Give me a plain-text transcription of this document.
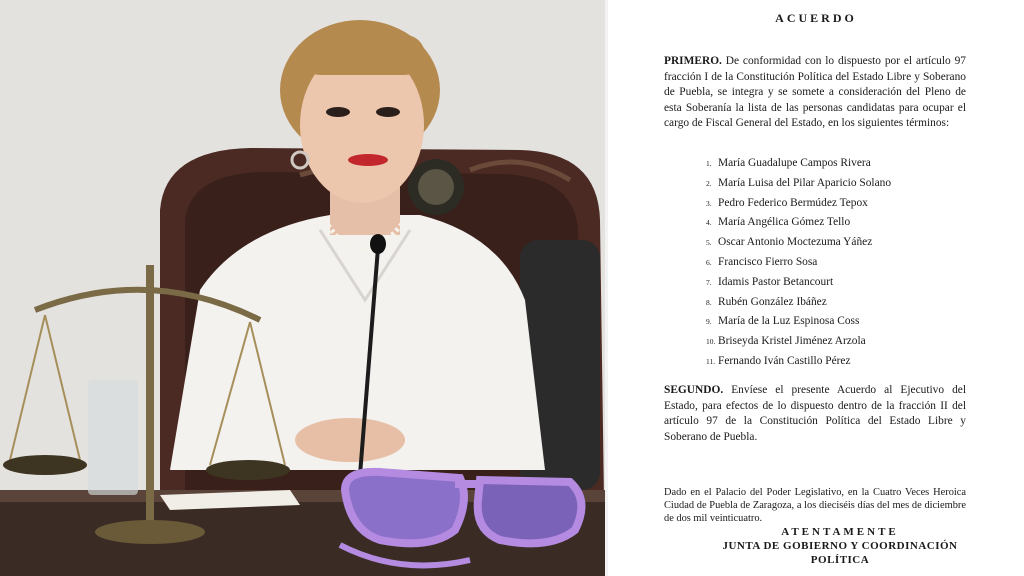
ACUERDO
PRIMERO. De conformidad con lo dispuesto por el artículo 97 fracción I de la Constitución Política del Estado Libre y Soberano de Puebla, se integra y se somete a consideración del Pleno de esta Soberanía la lista de las personas candidatas para ocupar el cargo de Fiscal General del Estado, en los siguientes términos:
1. María Guadalupe Campos Rivera
2. María Luisa del Pilar Aparicio Solano
3. Pedro Federico Bermúdez Tepox
4. María Angélica Gómez Tello
5. Oscar Antonio Moctezuma Yáñez
6. Francisco Fierro Sosa
7. Idamis Pastor Betancourt
8. Rubén González Ibáñez
9. María de la Luz Espinosa Coss
10. Briseyda Kristel Jiménez Arzola
11. Fernando Iván Castillo Pérez
SEGUNDO. Envíese el presente Acuerdo al Ejecutivo del Estado, para efectos de lo dispuesto dentro de la fracción II del artículo 97 de la Constitución Política del Estado Libre y Soberano de Puebla.
Dado en el Palacio del Poder Legislativo, en la Cuatro Veces Heroica Ciudad de Puebla de Zaragoza, a los dieciséis días del mes de diciembre de dos mil veinticuatro.
ATENTAMENTE
JUNTA DE GOBIERNO Y COORDINACIÓN
POLÍTICA
